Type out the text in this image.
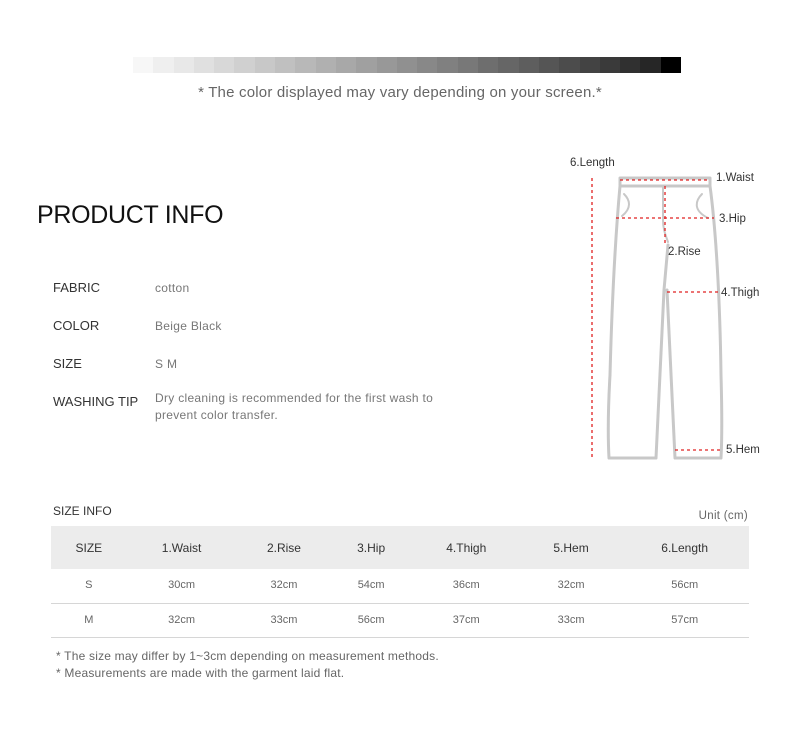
* The color displayed may vary depending on your screen.*
PRODUCT INFO
FABRIC	cotton
COLOR	Beige Black
SIZE	S M
WASHING TIP Dry cleaning is recommended for the first wash to
prevent color transfer.
6.Length
1.Waist
3.Hip
2.Rise
4.Thigh
5.Hem
SIZE INFO	Unit (cm)
SIZE	1.Waist	2.Rise	3.Hip	4.Thigh	5.Hem	6.Length
S	30cm	32cm	54cm	36cm	32cm	56cm
M	32cm	33cm	56cm	37cm	33cm	57cm
* The size may differ by 1~3cm depending on measurement methods.
* Measurements are made with the garment laid flat.
